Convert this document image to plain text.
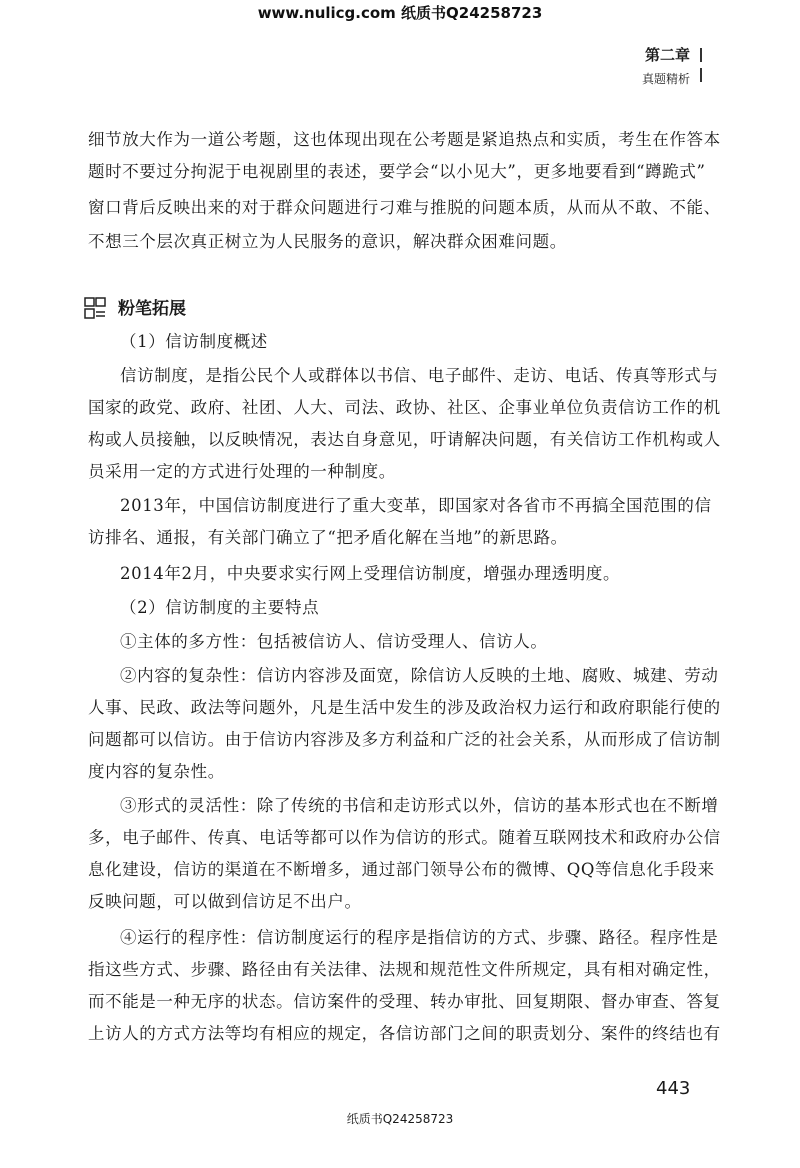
www.nulicg.com 纸质书Q24258723
第二章
真题精析
细节放大作为一道公考题，这也体现出现在公考题是紧追热点和实质，考生在作答本
题时不要过分拘泥于电视剧里的表述，要学会“以小见大”，更多地要看到“蹲跪式”
窗口背后反映出来的对于群众问题进行刁难与推脱的问题本质，从而从不敢、不能、
不想三个层次真正树立为人民服务的意识，解决群众困难问题。
粉笔拓展
（1）信访制度概述
信访制度，是指公民个人或群体以书信、电子邮件、走访、电话、传真等形式与
国家的政党、政府、社团、人大、司法、政协、社区、企事业单位负责信访工作的机
构或人员接触，以反映情况，表达自身意见，吁请解决问题，有关信访工作机构或人
员采用一定的方式进行处理的一种制度。
2013年，中国信访制度进行了重大变革，即国家对各省市不再搞全国范围的信
访排名、通报，有关部门确立了“把矛盾化解在当地”的新思路。
2014年2月，中央要求实行网上受理信访制度，增强办理透明度。
（2）信访制度的主要特点
①主体的多方性：包括被信访人、信访受理人、信访人。
②内容的复杂性：信访内容涉及面宽，除信访人反映的土地、腐败、城建、劳动
人事、民政、政法等问题外，凡是生活中发生的涉及政治权力运行和政府职能行使的
问题都可以信访。由于信访内容涉及多方利益和广泛的社会关系，从而形成了信访制
度内容的复杂性。
③形式的灵活性：除了传统的书信和走访形式以外，信访的基本形式也在不断增
多，电子邮件、传真、电话等都可以作为信访的形式。随着互联网技术和政府办公信
息化建设，信访的渠道在不断增多，通过部门领导公布的微博、QQ等信息化手段来
反映问题，可以做到信访足不出户。
④运行的程序性：信访制度运行的程序是指信访的方式、步骤、路径。程序性是
指这些方式、步骤、路径由有关法律、法规和规范性文件所规定，具有相对确定性，
而不能是一种无序的状态。信访案件的受理、转办审批、回复期限、督办审查、答复
上访人的方式方法等均有相应的规定，各信访部门之间的职责划分、案件的终结也有
443
纸质书Q24258723
